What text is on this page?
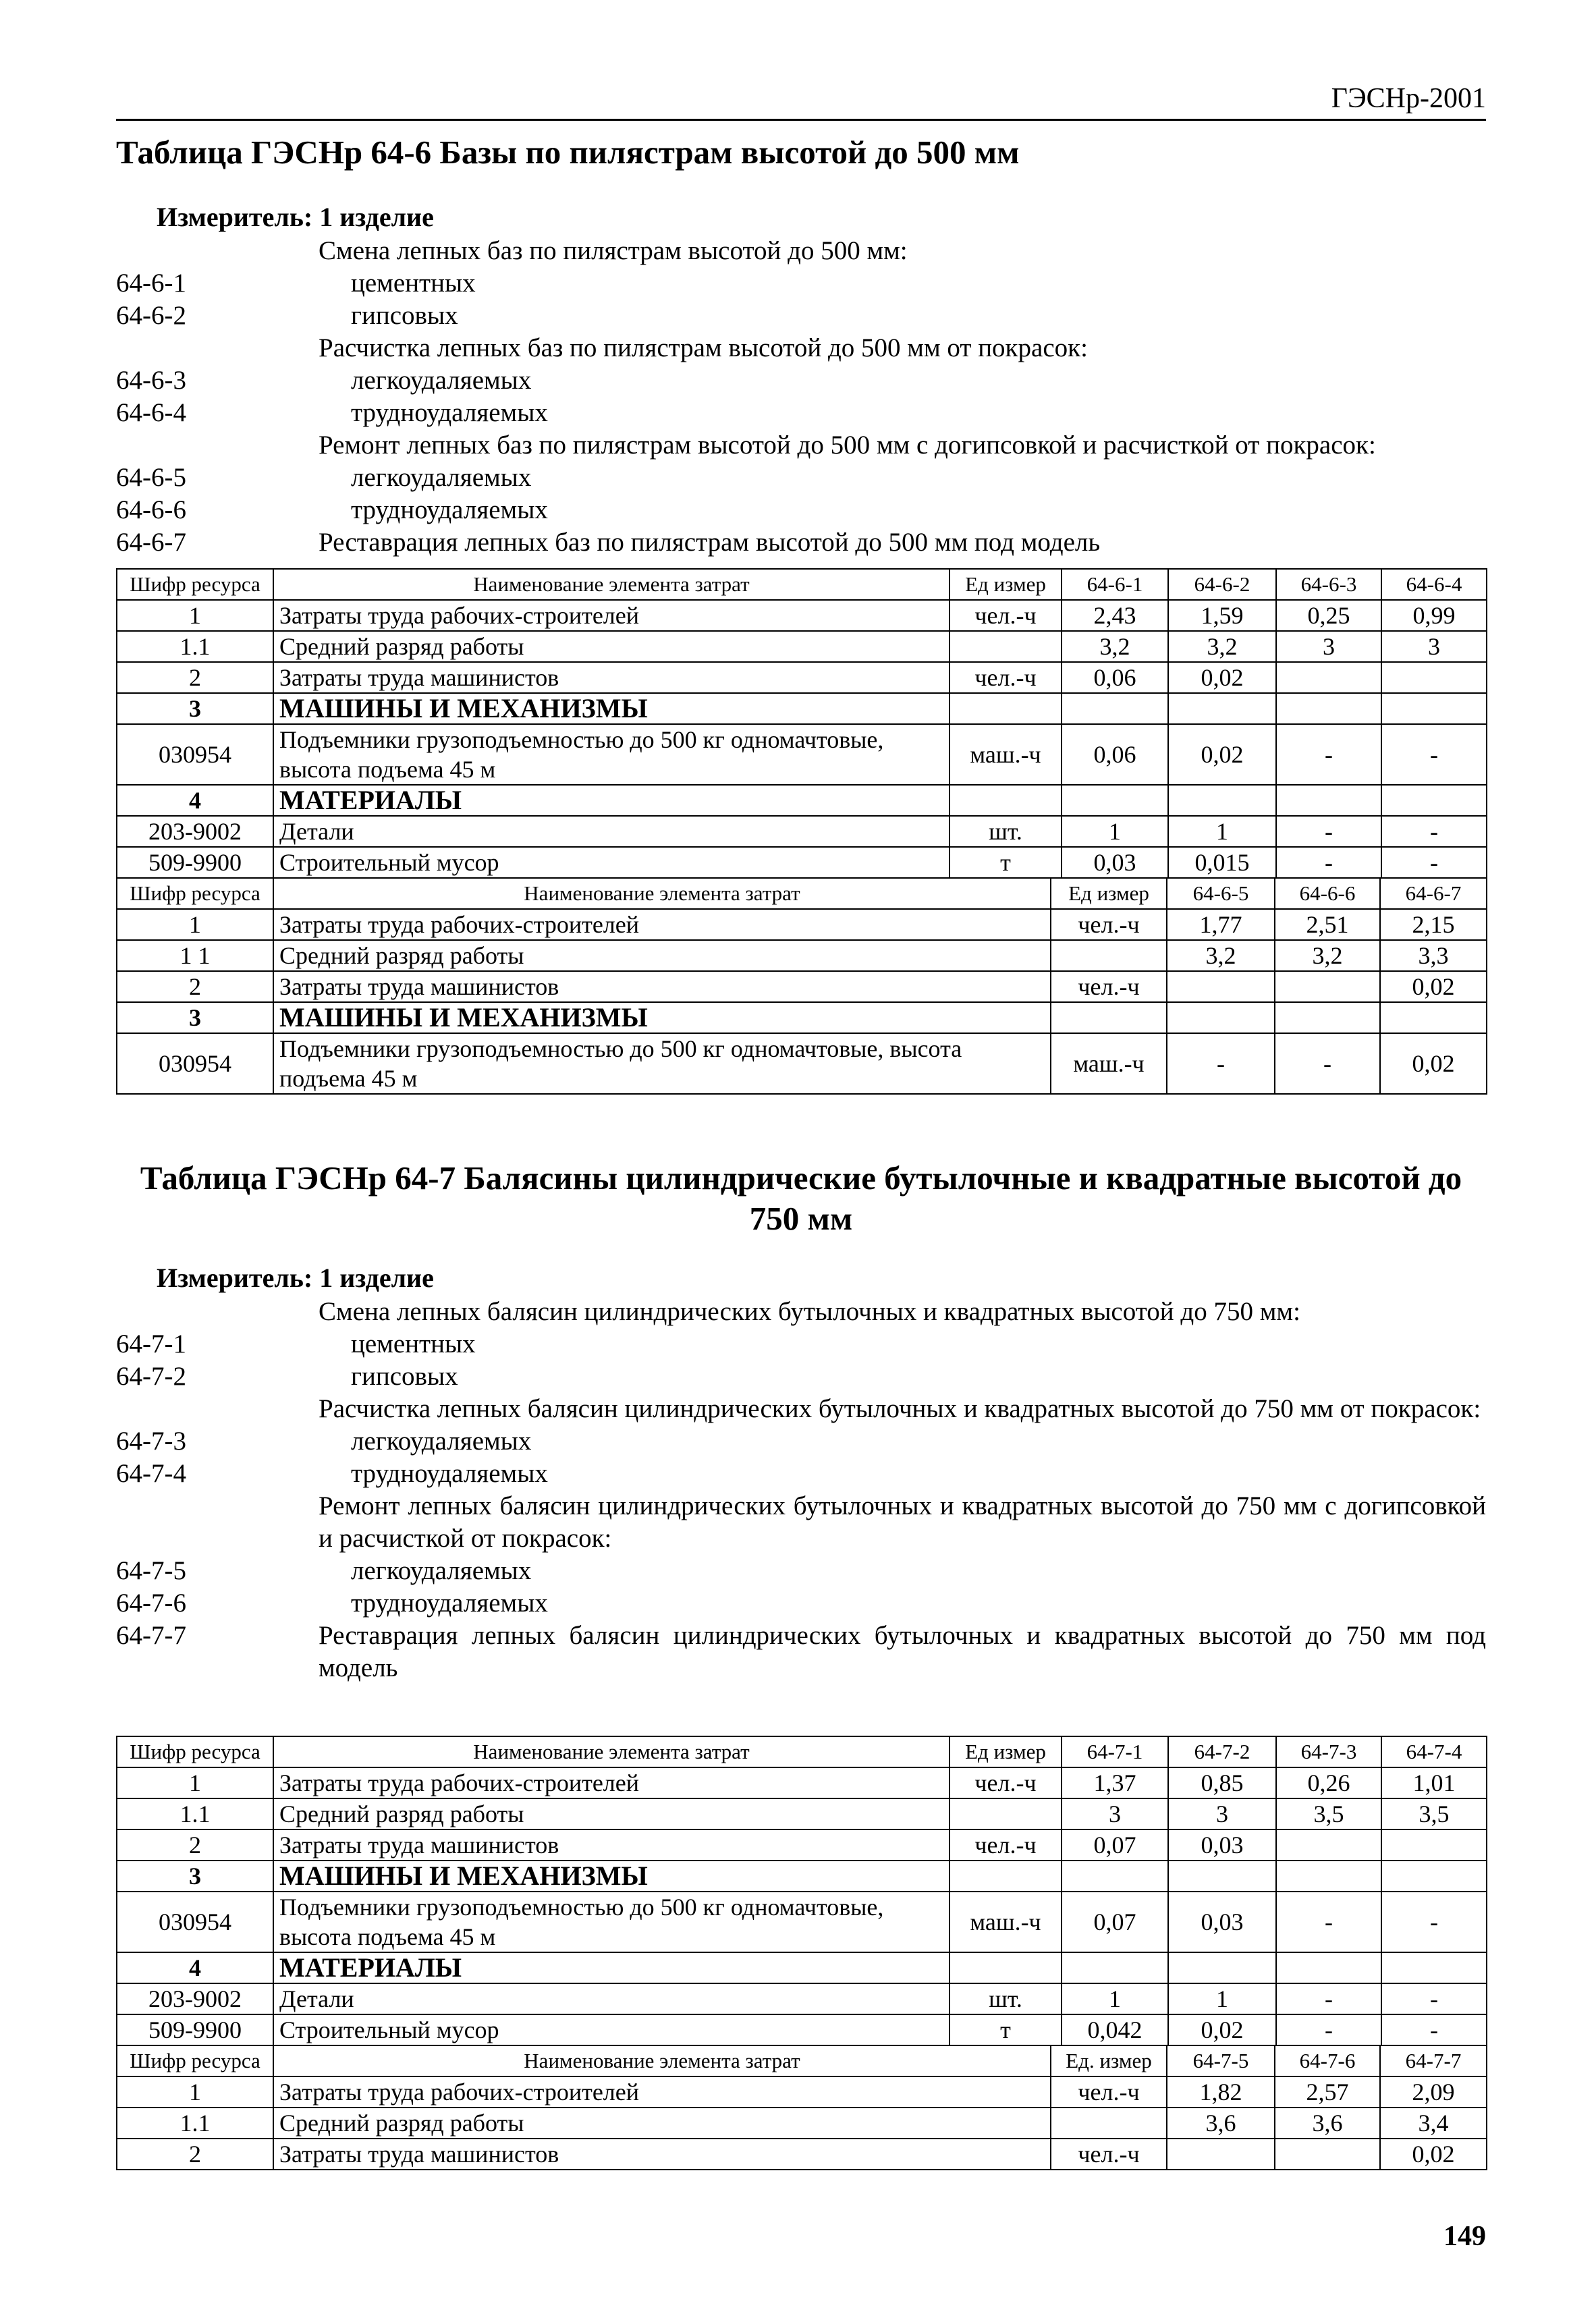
ГЭСНр-2001
Таблица ГЭСНр 64-6 Базы по пилястрам высотой до 500 мм
Измеритель: 1 изделие
Смена лепных баз по пилястрам высотой до 500 мм:
64-6-1	цементных
64-6-2	гипсовых
Расчистка лепных баз по пилястрам высотой до 500 мм от покрасок:
64-6-3	легкоудаляемых
64-6-4	трудноудаляемых
Ремонт лепных баз по пилястрам высотой до 500 мм с догипсовкой и расчисткой от покрасок:
64-6-5	легкоудаляемых
64-6-6	трудноудаляемых
64-6-7	Реставрация лепных баз по пилястрам высотой до 500 мм под модель
Шифр ресурса	Наименование элемента затрат	Ед измер	64-6-1	64-6-2	64-6-3	64-6-4
1	Затраты труда рабочих-строителей	чел.-ч	2,43	1,59	0,25	0,99
1.1	Средний разряд работы		3,2	3,2	3	3
2	Затраты труда машинистов	чел.-ч	0,06	0,02		
3	МАШИНЫ И МЕХАНИЗМЫ					
030954	Подъемники грузоподъемностью до 500 кг одномачтовые, высота подъема 45 м	маш.-ч	0,06	0,02	-	-
4	МАТЕРИАЛЫ					
203-9002	Детали	шт.	1	1	-	-
509-9900	Строительный мусор	т	0,03	0,015	-	-
Шифр ресурса	Наименование элемента затрат	Ед измер	64-6-5	64-6-6	64-6-7
1	Затраты труда рабочих-строителей	чел.-ч	1,77	2,51	2,15
1 1	Средний разряд работы		3,2	3,2	3,3
2	Затраты труда машинистов	чел.-ч			0,02
3	МАШИНЫ И МЕХАНИЗМЫ				
030954	Подъемники грузоподъемностью до 500 кг одномачтовые, высота подъема 45 м	маш.-ч	-	-	0,02
Таблица ГЭСНр 64-7 Балясины цилиндрические бутылочные и квадратные высотой до
750 мм
Измеритель: 1 изделие
Смена лепных балясин цилиндрических бутылочных и квадратных высотой до 750 мм:
64-7-1	цементных
64-7-2	гипсовых
Расчистка лепных балясин цилиндрических бутылочных и квадратных высотой до 750 мм от покрасок:
64-7-3	легкоудаляемых
64-7-4	трудноудаляемых
Ремонт лепных балясин цилиндрических бутылочных и квадратных высотой до 750 мм с догипсовкой и расчисткой от покрасок:
64-7-5	легкоудаляемых
64-7-6	трудноудаляемых
64-7-7	Реставрация лепных балясин цилиндрических бутылочных и квадратных высотой до 750 мм под модель
Шифр ресурса	Наименование элемента затрат	Ед измер	64-7-1	64-7-2	64-7-3	64-7-4
1	Затраты труда рабочих-строителей	чел.-ч	1,37	0,85	0,26	1,01
1.1	Средний разряд работы		3	3	3,5	3,5
2	Затраты труда машинистов	чел.-ч	0,07	0,03		
3	МАШИНЫ И МЕХАНИЗМЫ					
030954	Подъемники грузоподъемностью до 500 кг одномачтовые, высота подъема 45 м	маш.-ч	0,07	0,03	-	-
4	МАТЕРИАЛЫ					
203-9002	Детали	шт.	1	1	-	-
509-9900	Строительный мусор	т	0,042	0,02	-	-
Шифр ресурса	Наименование элемента затрат	Ед. измер	64-7-5	64-7-6	64-7-7
1	Затраты труда рабочих-строителей	чел.-ч	1,82	2,57	2,09
1.1	Средний разряд работы		3,6	3,6	3,4
2	Затраты труда машинистов	чел.-ч			0,02
149
